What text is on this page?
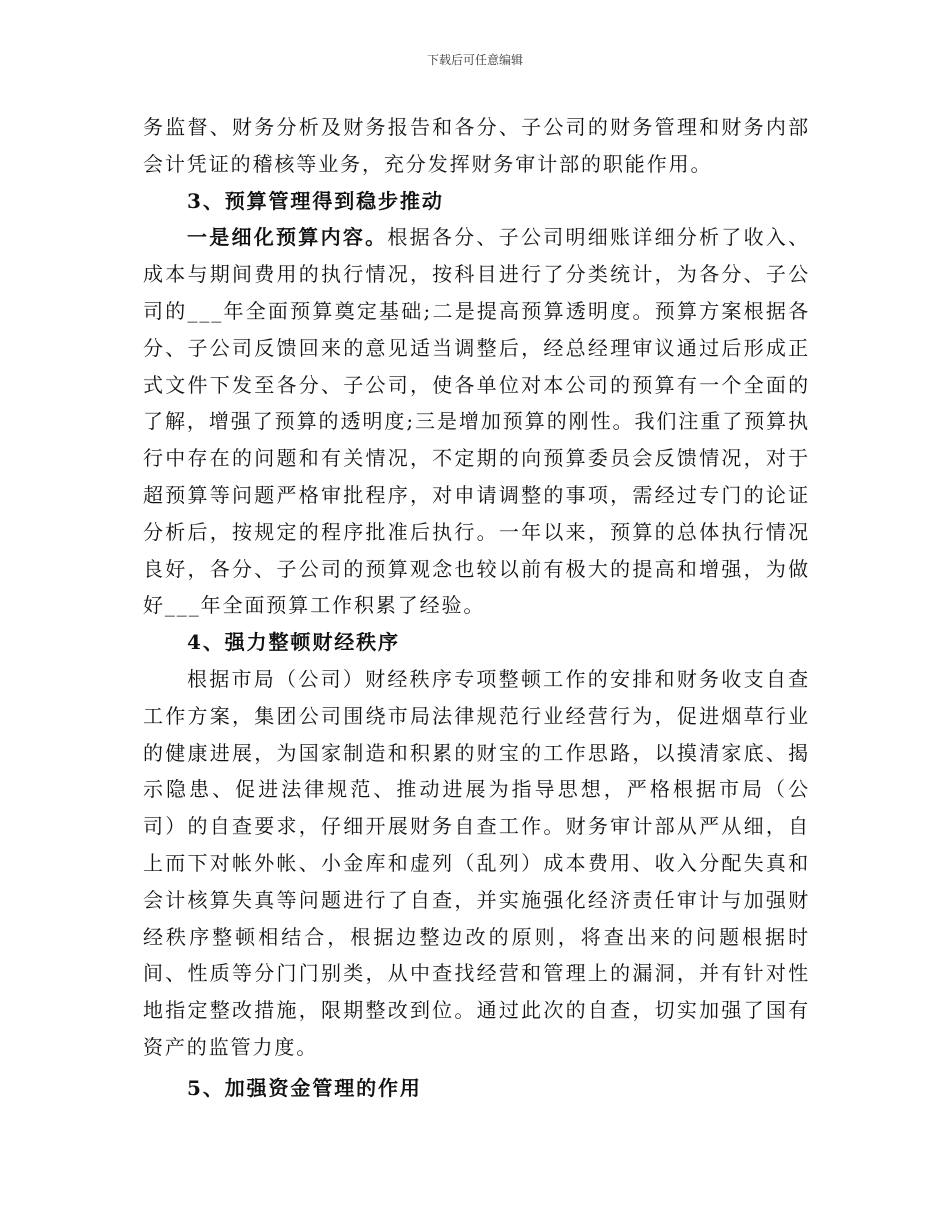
下载后可任意编辑

务监督、财务分析及财务报告和各分、子公司的财务管理和财务内部会计凭证的稽核等业务，充分发挥财务审计部的职能作用。

3、预算管理得到稳步推动

一是细化预算内容。根据各分、子公司明细账详细分析了收入、成本与期间费用的执行情况，按科目进行了分类统计，为各分、子公司的___年全面预算奠定基础;二是提高预算透明度。预算方案根据各分、子公司反馈回来的意见适当调整后，经总经理审议通过后形成正式文件下发至各分、子公司，使各单位对本公司的预算有一个全面的了解，增强了预算的透明度;三是增加预算的刚性。我们注重了预算执行中存在的问题和有关情况，不定期的向预算委员会反馈情况，对于超预算等问题严格审批程序，对申请调整的事项，需经过专门的论证分析后，按规定的程序批准后执行。一年以来，预算的总体执行情况良好，各分、子公司的预算观念也较以前有极大的提高和增强，为做好___年全面预算工作积累了经验。

4、强力整顿财经秩序

根据市局（公司）财经秩序专项整顿工作的安排和财务收支自查工作方案，集团公司围绕市局法律规范行业经营行为，促进烟草行业的健康进展，为国家制造和积累的财宝的工作思路，以摸清家底、揭示隐患、促进法律规范、推动进展为指导思想，严格根据市局（公司）的自查要求，仔细开展财务自查工作。财务审计部从严从细，自上而下对帐外帐、小金库和虚列（乱列）成本费用、收入分配失真和会计核算失真等问题进行了自查，并实施强化经济责任审计与加强财经秩序整顿相结合，根据边整边改的原则，将查出来的问题根据时间、性质等分门门别类，从中查找经营和管理上的漏洞，并有针对性地指定整改措施，限期整改到位。通过此次的自查，切实加强了国有资产的监管力度。

5、加强资金管理的作用
